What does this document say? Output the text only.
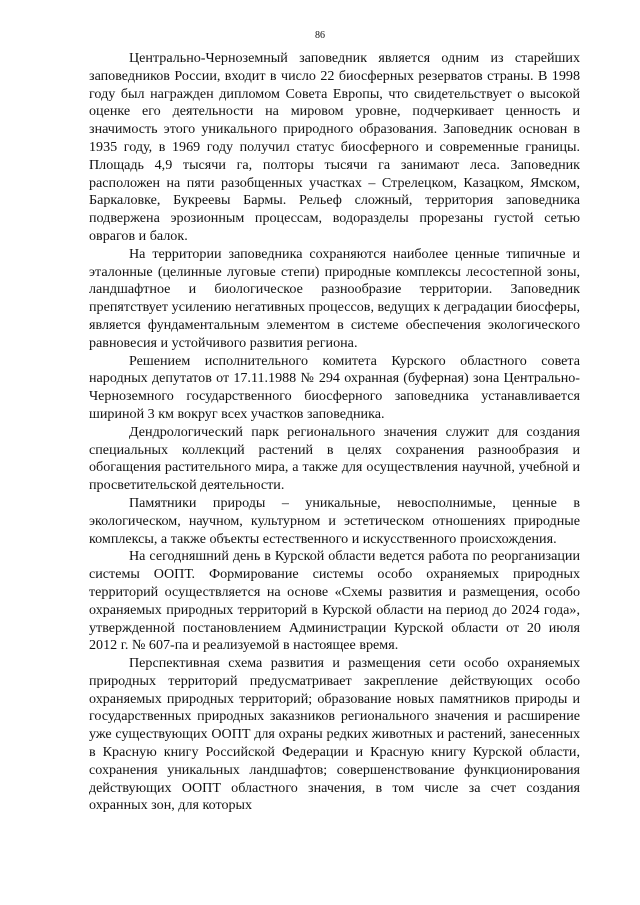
86

Центрально-Черноземный заповедник является одним из старейших заповедников России, входит в число 22 биосферных резерватов страны. В 1998 году был награжден дипломом Совета Европы, что свидетельствует о высокой оценке его деятельности на мировом уровне, подчеркивает ценность и значимость этого уникального природного образования. Заповедник основан в 1935 году, в 1969 году получил статус биосферного и современные границы. Площадь 4,9 тысячи га, полторы тысячи га занимают леса. Заповедник расположен на пяти разобщенных участках – Стрелецком, Казацком, Ямском, Баркаловке, Букреевы Бармы. Рельеф сложный, территория заповедника подвержена эрозионным процессам, водоразделы прорезаны густой сетью оврагов и балок.

На территории заповедника сохраняются наиболее ценные типичные и эталонные (целинные луговые степи) природные комплексы лесостепной зоны, ландшафтное и биологическое разнообразие территории. Заповедник препятствует усилению негативных процессов, ведущих к деградации биосферы, является фундаментальным элементом в системе обеспечения экологического равновесия и устойчивого развития региона.

Решением исполнительного комитета Курского областного совета народных депутатов от 17.11.1988 № 294 охранная (буферная) зона Центрально-Черноземного государственного биосферного заповедника устанавливается шириной 3 км вокруг всех участков заповедника.

Дендрологический парк регионального значения служит для создания специальных коллекций растений в целях сохранения разнообразия и обогащения растительного мира, а также для осуществления научной, учебной и просветительской деятельности.

Памятники природы – уникальные, невосполнимые, ценные в экологическом, научном, культурном и эстетическом отношениях природные комплексы, а также объекты естественного и искусственного происхождения.

На сегодняшний день в Курской области ведется работа по реорганизации системы ООПТ. Формирование системы особо охраняемых природных территорий осуществляется на основе «Схемы развития и размещения, особо охраняемых природных территорий в Курской области на период до 2024 года», утвержденной постановлением Администрации Курской области от 20 июля 2012 г. № 607-па и реализуемой в настоящее время.

Перспективная схема развития и размещения сети особо охраняемых природных территорий предусматривает закрепление действующих особо охраняемых природных территорий; образование новых памятников природы и государственных природных заказников регионального значения и расширение уже существующих ООПТ для охраны редких животных и растений, занесенных в Красную книгу Российской Федерации и Красную книгу Курской области, сохранения уникальных ландшафтов; совершенствование функционирования действующих ООПТ областного значения, в том числе за счет создания охранных зон, для которых
